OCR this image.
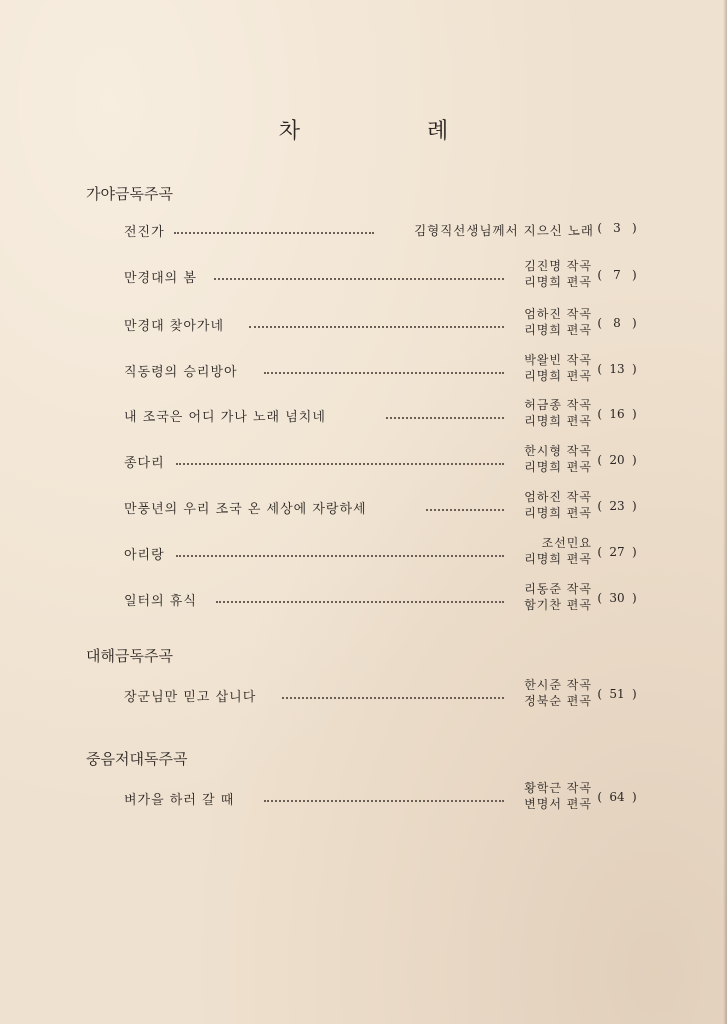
차 례
가야금독주곡
전진가	김형직선생님께서 지으신 노래 ( 3 )
만경대의 봄
김진명 작곡
리명희 편곡 ( 7 )
만경대 찾아가네
엄하진 작곡
리명희 편곡 ( 8 )
직동령의 승리방아
박왈빈 작곡
리명희 편곡 ( 13 )
내 조국은 어디 가나 노래 넘치네
허금종 작곡
리명희 편곡 ( 16 )
종다리
한시형 작곡
리명희 편곡 ( 20 )
만풍년의 우리 조국 온 세상에 자랑하세
엄하진 작곡
리명희 편곡 ( 23 )
아리랑
조선민요
리명희 편곡 ( 27 )
일터의 휴식
리동준 작곡
함기찬 편곡 ( 30 )
대해금독주곡
장군님만 믿고 삽니다
한시준 작곡
정북순 편곡 ( 51 )
중음저대독주곡
벼가을 하러 갈 때
황학근 작곡
변명서 편곡 ( 64 )
